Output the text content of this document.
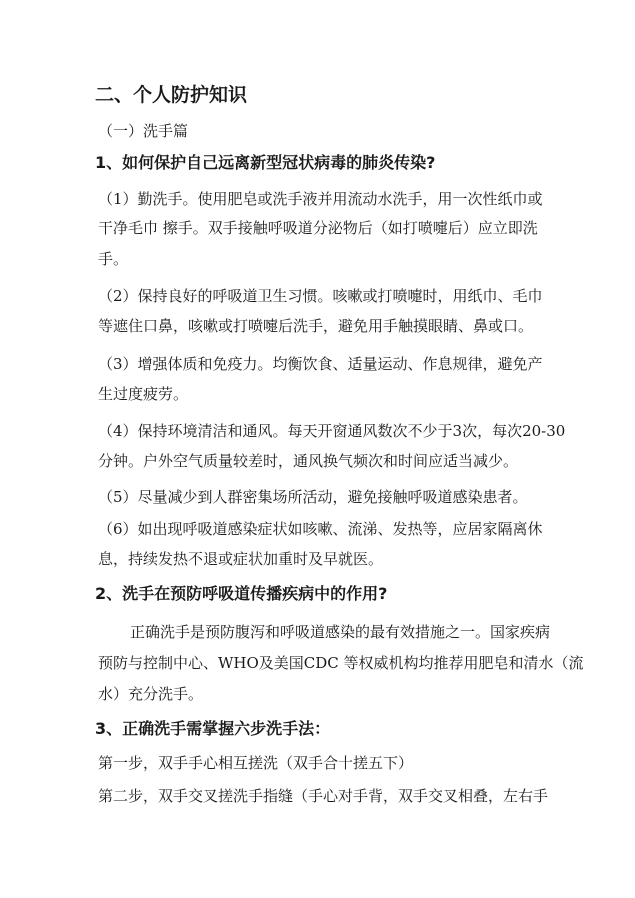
二、个人防护知识
（一）洗手篇
1、如何保护自己远离新型冠状病毒的肺炎传染?
（1）勤洗手。使用肥皂或洗手液并用流动水洗手，用一次性纸巾或
干净毛巾 擦手。双手接触呼吸道分泌物后（如打喷嚏后）应立即洗
手。
（2）保持良好的呼吸道卫生习惯。咳嗽或打喷嚏时，用纸巾、毛巾
等遮住口鼻，咳嗽或打喷嚏后洗手，避免用手触摸眼睛、鼻或口。
（3）增强体质和免疫力。均衡饮食、适量运动、作息规律，避免产
生过度疲劳。
（4）保持环境清洁和通风。每天开窗通风数次不少于3次，每次20-30
分钟。户外空气质量较差时，通风换气频次和时间应适当减少。
（5）尽量减少到人群密集场所活动，避免接触呼吸道感染患者。
（6）如出现呼吸道感染症状如咳嗽、流涕、发热等，应居家隔离休
息，持续发热不退或症状加重时及早就医。
2、洗手在预防呼吸道传播疾病中的作用?
正确洗手是预防腹泻和呼吸道感染的最有效措施之一。国家疾病
预防与控制中心、WHO及美国CDC 等权威机构均推荐用肥皂和清水（流
水）充分洗手。
3、正确洗手需掌握六步洗手法：
第一步，双手手心相互搓洗（双手合十搓五下）
第二步，双手交叉搓洗手指缝（手心对手背，双手交叉相叠，左右手
